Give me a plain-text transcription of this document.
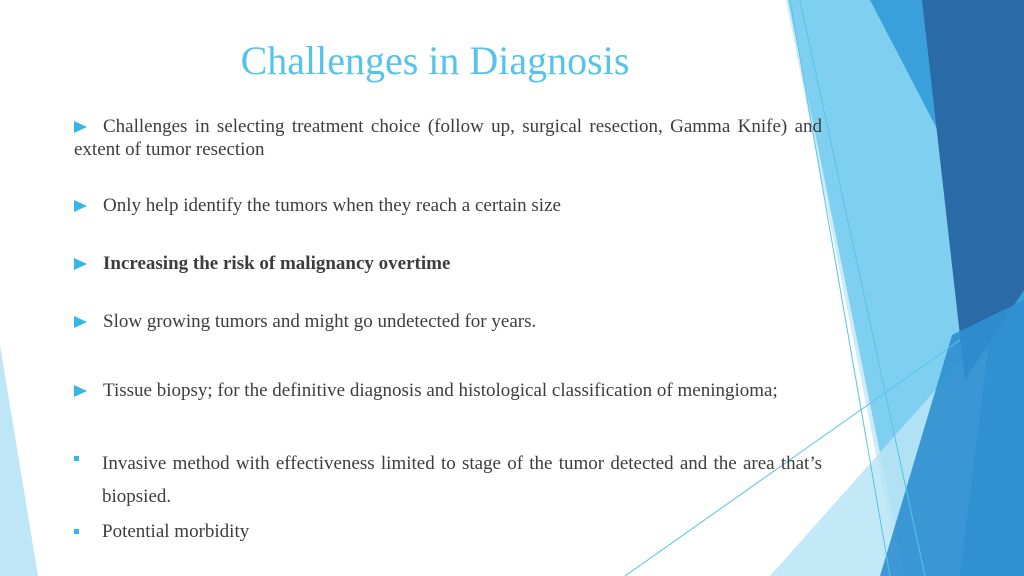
Challenges in Diagnosis
Challenges in selecting treatment choice (follow up, surgical resection, Gamma Knife) and extent of tumor resection
Only help identify the tumors when they reach a certain size
Increasing the risk of malignancy overtime
Slow growing tumors and might go undetected for years.
Tissue biopsy; for the definitive diagnosis and histological classification of meningioma;
Invasive method with effectiveness limited to stage of the tumor detected and the area that’s biopsied.
Potential morbidity
